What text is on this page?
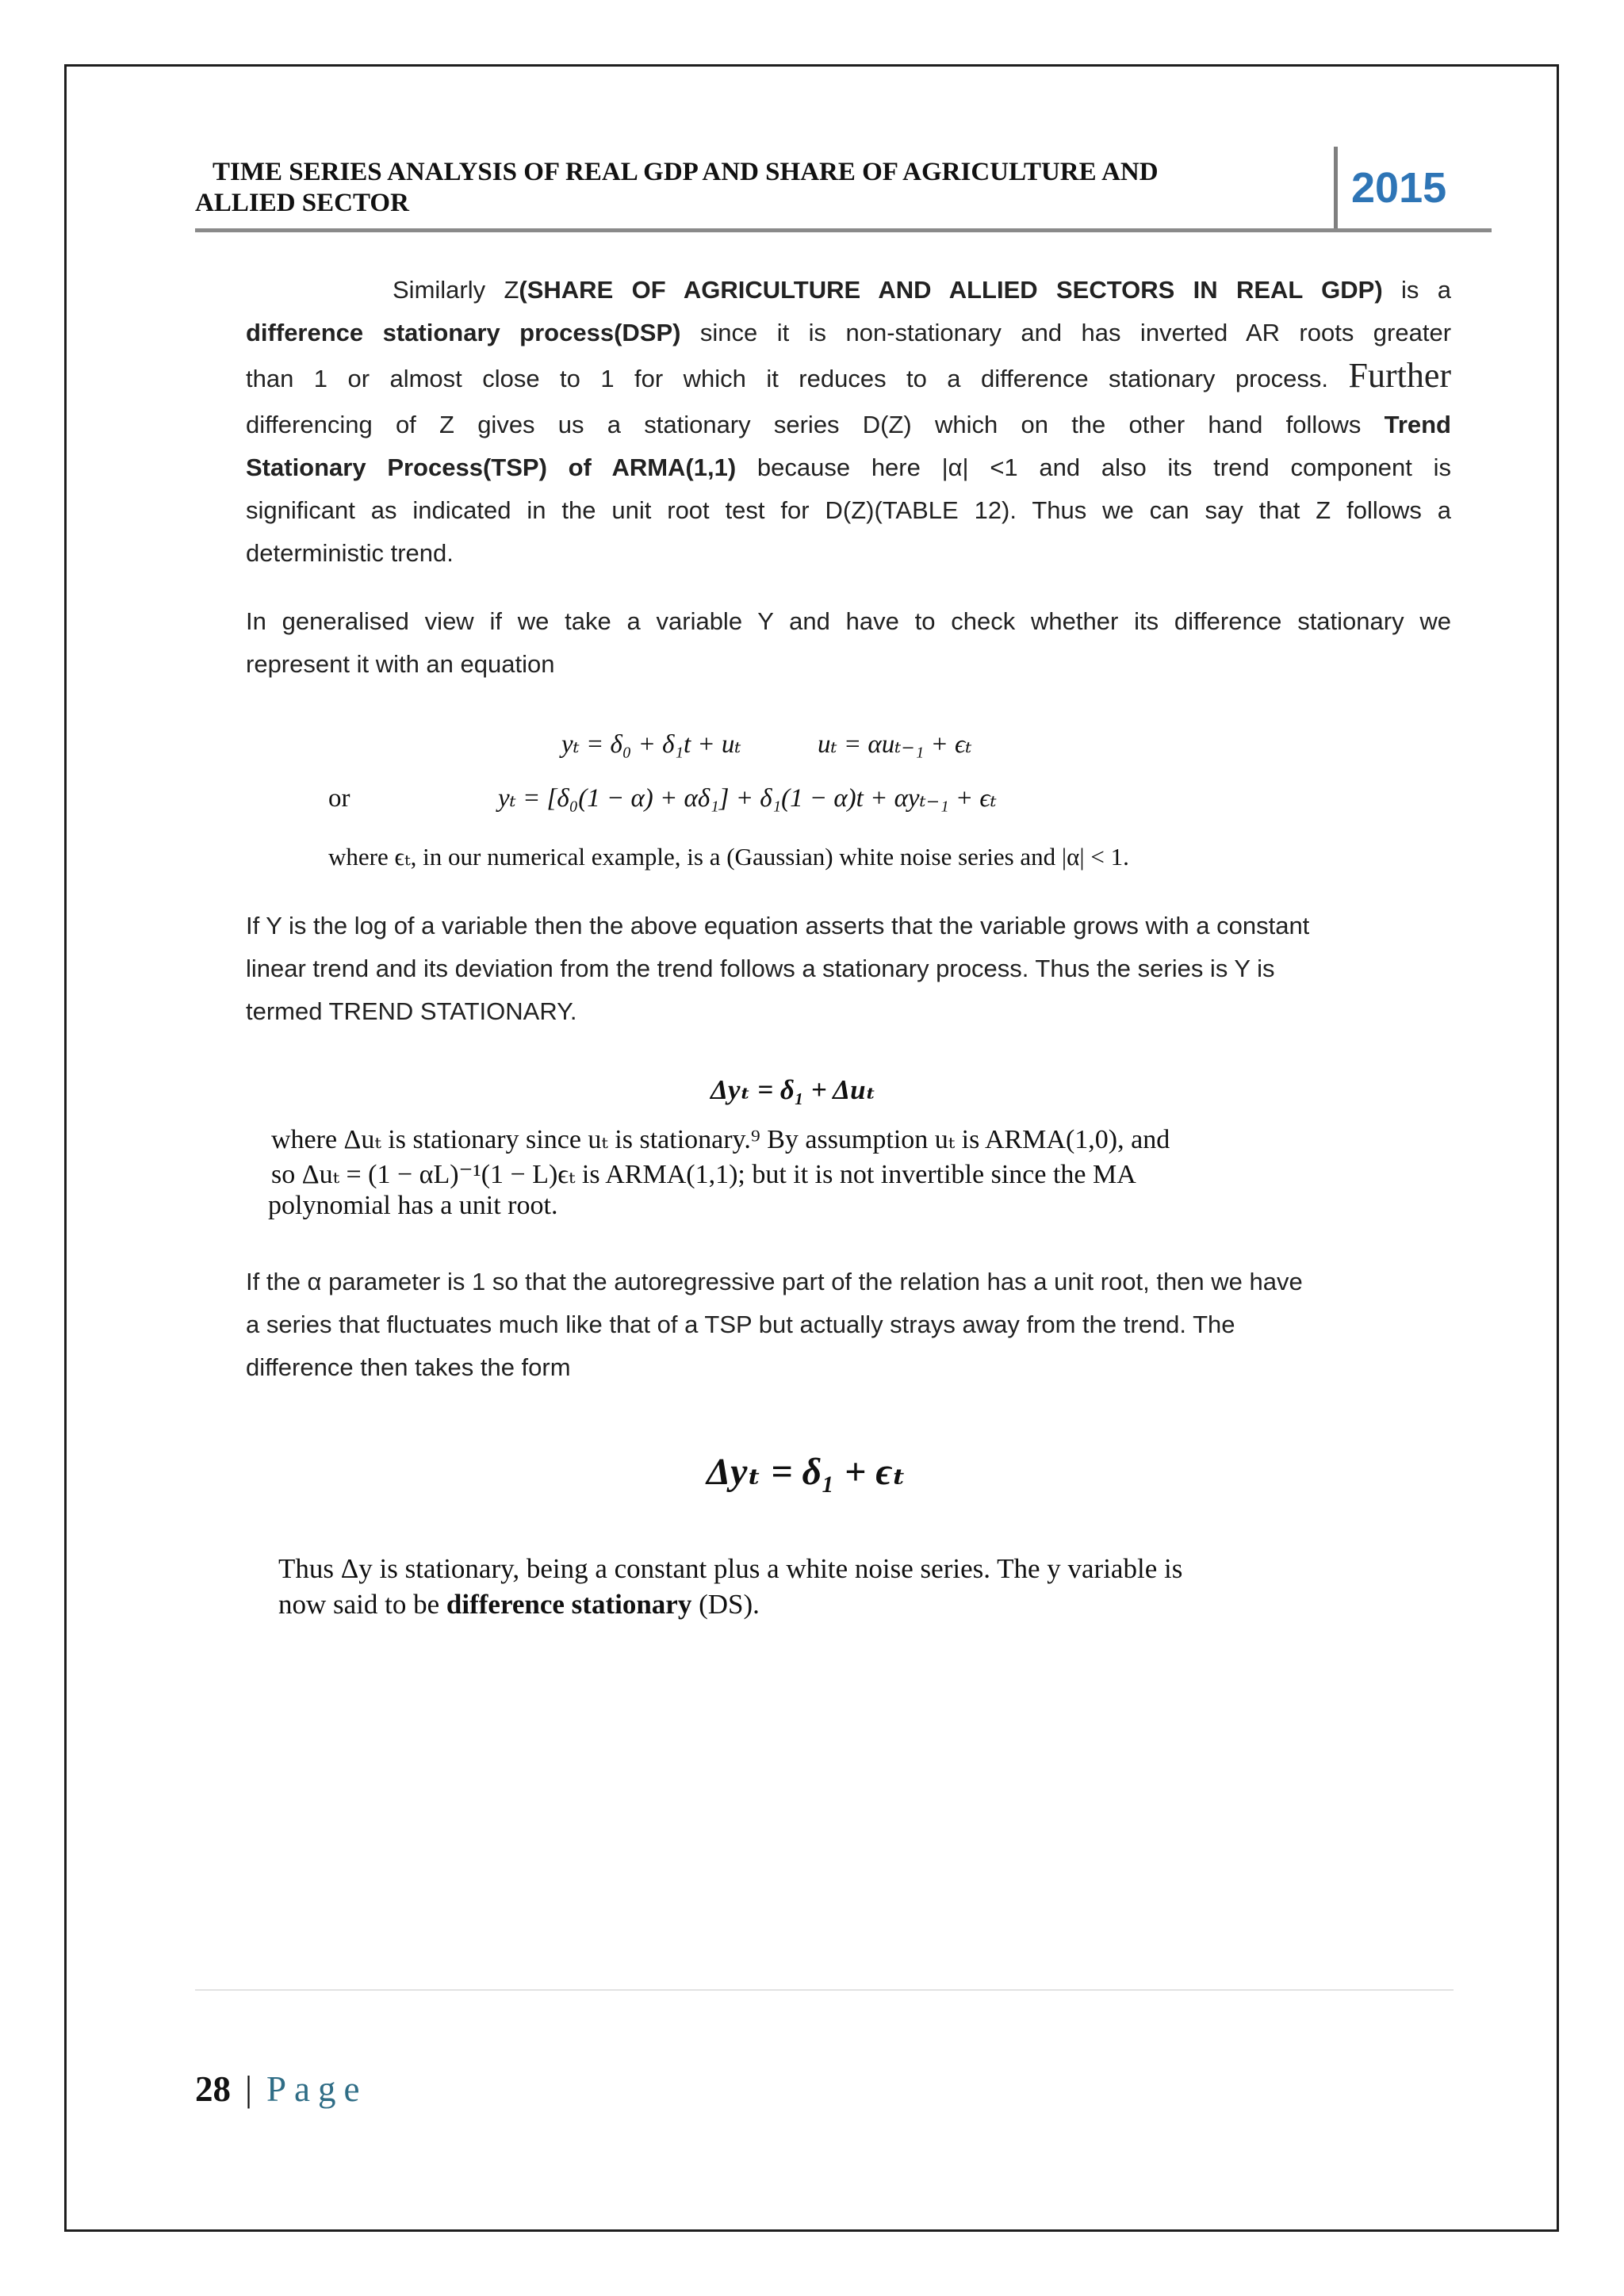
TIME SERIES ANALYSIS OF REAL GDP AND SHARE OF AGRICULTURE AND
ALLIED SECTOR	2015
Similarly Z(SHARE OF AGRICULTURE AND ALLIED SECTORS IN REAL GDP) is a
difference stationary process(DSP) since it is non-stationary and has inverted AR roots greater
than 1 or almost close to 1 for which it reduces to a difference stationary process. Further
differencing of Z gives us a stationary series D(Z) which on the other hand follows Trend
Stationary Process(TSP) of ARMA(1,1) because here |α| <1 and also its trend component is
significant as indicated in the unit root test for D(Z)(TABLE 12). Thus we can say that Z follows a
deterministic trend.
In generalised view if we take a variable Y and have to check whether its difference stationary we
represent it with an equation
yₜ = δ₀ + δ₁t + uₜ	uₜ = αuₜ₋₁ + ϵₜ
or	yₜ = [δ₀(1 − α) + αδ₁] + δ₁(1 − α)t + αyₜ₋₁ + ϵₜ
where ϵₜ, in our numerical example, is a (Gaussian) white noise series and |α| < 1.
If Y is the log of a variable then the above equation asserts that the variable grows with a constant
linear trend and its deviation from the trend follows a stationary process. Thus the series is Y is
termed TREND STATIONARY.
Δyₜ = δ₁ + Δuₜ
where Δuₜ is stationary since uₜ is stationary.⁹ By assumption uₜ is ARMA(1,0), and
so Δuₜ = (1 − αL)⁻¹(1 − L)ϵₜ is ARMA(1,1); but it is not invertible since the MA
polynomial has a unit root.
If the α parameter is 1 so that the autoregressive part of the relation has a unit root, then we have
a series that fluctuates much like that of a TSP but actually strays away from the trend. The
difference then takes the form
Δyₜ = δ₁ + ϵₜ
Thus Δy is stationary, being a constant plus a white noise series. The y variable is
now said to be difference stationary (DS).
28 | Page
